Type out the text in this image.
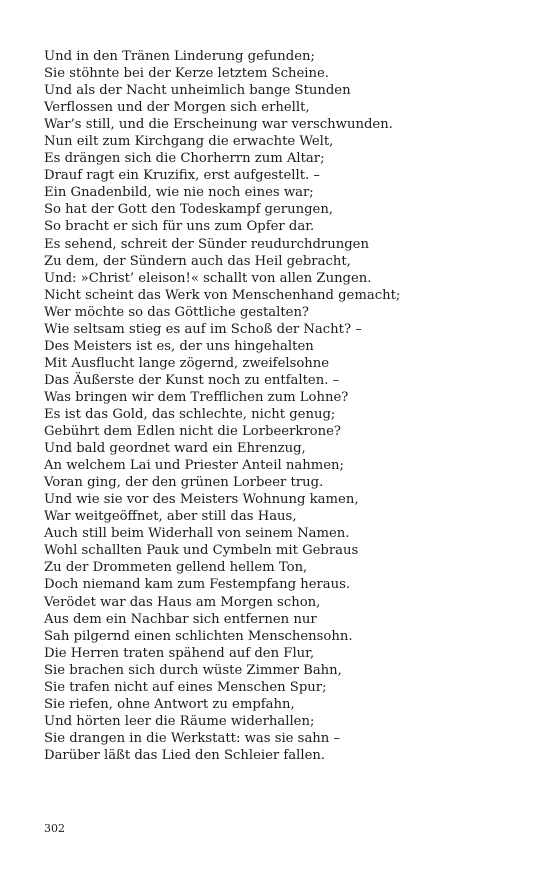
Und in den Tränen Linderung gefunden;
Sie stöhnte bei der Kerze letztem Scheine.
Und als der Nacht unheimlich bange Stunden
Verflossen und der Morgen sich erhellt,
War’s still, und die Erscheinung war verschwunden.
Nun eilt zum Kirchgang die erwachte Welt,
Es drängen sich die Chorherrn zum Altar;
Drauf ragt ein Kruzifix, erst aufgestellt. –
Ein Gnadenbild, wie nie noch eines war;
So hat der Gott den Todeskampf gerungen,
So bracht er sich für uns zum Opfer dar.
Es sehend, schreit der Sünder reudurchdrungen
Zu dem, der Sündern auch das Heil gebracht,
Und: »Christ’ eleison!« schallt von allen Zungen.
Nicht scheint das Werk von Menschenhand gemacht;
Wer möchte so das Göttliche gestalten?
Wie seltsam stieg es auf im Schoß der Nacht? –
Des Meisters ist es, der uns hingehalten
Mit Ausflucht lange zögernd, zweifelsohne
Das Äußerste der Kunst noch zu entfalten. –
Was bringen wir dem Trefflichen zum Lohne?
Es ist das Gold, das schlechte, nicht genug;
Gebührt dem Edlen nicht die Lorbeerkrone?
Und bald geordnet ward ein Ehrenzug,
An welchem Lai und Priester Anteil nahmen;
Voran ging, der den grünen Lorbeer trug.
Und wie sie vor des Meisters Wohnung kamen,
War weitgeöffnet, aber still das Haus,
Auch still beim Widerhall von seinem Namen.
Wohl schallten Pauk und Cymbeln mit Gebraus
Zu der Drommeten gellend hellem Ton,
Doch niemand kam zum Festempfang heraus.
Verödet war das Haus am Morgen schon,
Aus dem ein Nachbar sich entfernen nur
Sah pilgernd einen schlichten Menschensohn.
Die Herren traten spähend auf den Flur,
Sie brachen sich durch wüste Zimmer Bahn,
Sie trafen nicht auf eines Menschen Spur;
Sie riefen, ohne Antwort zu empfahn,
Und hörten leer die Räume widerhallen;
Sie drangen in die Werkstatt: was sie sahn –
Darüber läßt das Lied den Schleier fallen.
302
